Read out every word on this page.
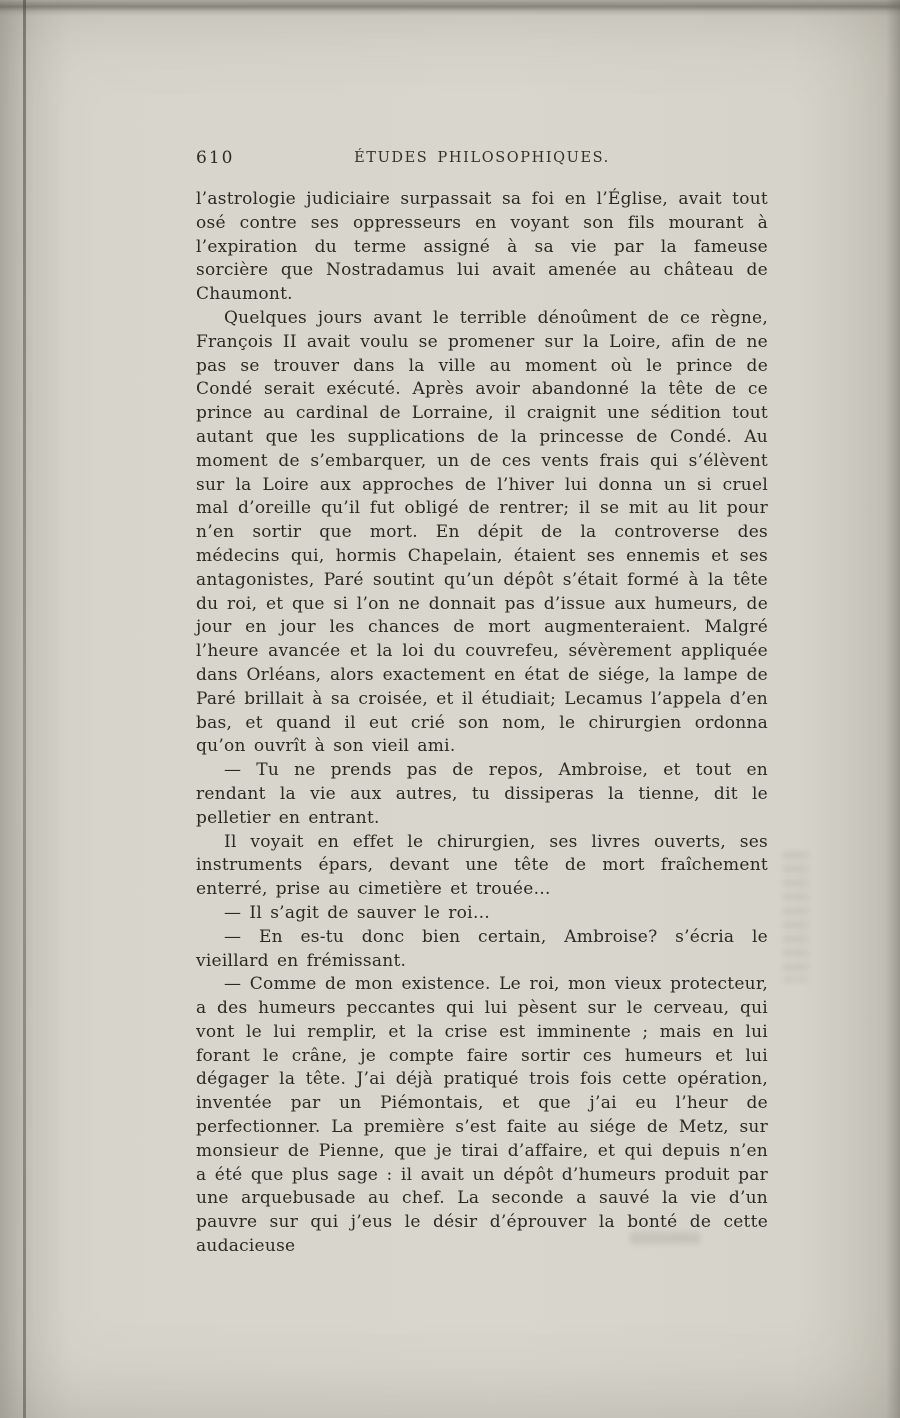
610	ÉTUDES PHILOSOPHIQUES.

l’astrologie judiciaire surpassait sa foi en l’Église, avait tout osé contre ses oppresseurs en voyant son fils mourant à l’expiration du terme assigné à sa vie par la fameuse sorcière que Nostradamus lui avait amenée au château de Chaumont.

Quelques jours avant le terrible dénoûment de ce règne, François II avait voulu se promener sur la Loire, afin de ne pas se trouver dans la ville au moment où le prince de Condé serait exécuté. Après avoir abandonné la tête de ce prince au cardinal de Lorraine, il craignit une sédition tout autant que les supplications de la princesse de Condé. Au moment de s’embarquer, un de ces vents frais qui s’élèvent sur la Loire aux approches de l’hiver lui donna un si cruel mal d’oreille qu’il fut obligé de rentrer; il se mit au lit pour n’en sortir que mort. En dépit de la controverse des médecins qui, hormis Chapelain, étaient ses ennemis et ses antagonistes, Paré soutint qu’un dépôt s’était formé à la tête du roi, et que si l’on ne donnait pas d’issue aux humeurs, de jour en jour les chances de mort augmenteraient. Malgré l’heure avancée et la loi du couvrefeu, sévèrement appliquée dans Orléans, alors exactement en état de siége, la lampe de Paré brillait à sa croisée, et il étudiait; Lecamus l’appela d’en bas, et quand il eut crié son nom, le chirurgien ordonna qu’on ouvrît à son vieil ami.

— Tu ne prends pas de repos, Ambroise, et tout en rendant la vie aux autres, tu dissiperas la tienne, dit le pelletier en entrant.

Il voyait en effet le chirurgien, ses livres ouverts, ses instruments épars, devant une tête de mort fraîchement enterré, prise au cimetière et trouée…

— Il s’agit de sauver le roi…

— En es-tu donc bien certain, Ambroise? s’écria le vieillard en frémissant.

— Comme de mon existence. Le roi, mon vieux protecteur, a des humeurs peccantes qui lui pèsent sur le cerveau, qui vont le lui remplir, et la crise est imminente ; mais en lui forant le crâne, je compte faire sortir ces humeurs et lui dégager la tête. J’ai déjà pratiqué trois fois cette opération, inventée par un Piémontais, et que j’ai eu l’heur de perfectionner. La première s’est faite au siége de Metz, sur monsieur de Pienne, que je tirai d’affaire, et qui depuis n’en a été que plus sage : il avait un dépôt d’humeurs produit par une arquebusade au chef. La seconde a sauvé la vie d’un pauvre sur qui j’eus le désir d’éprouver la bonté de cette audacieuse
